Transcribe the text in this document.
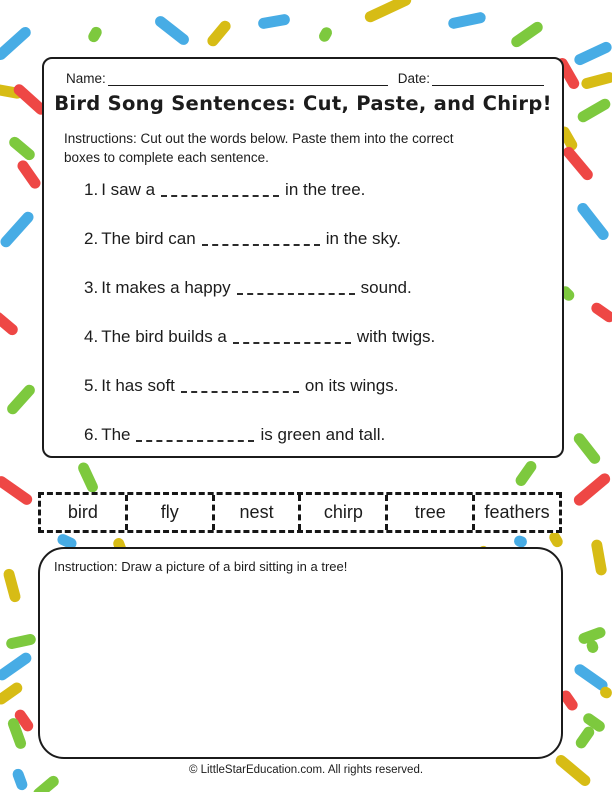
Name:	Date:
Bird Song Sentences: Cut, Paste, and Chirp!
Instructions: Cut out the words below. Paste them into the correct
boxes to complete each sentence.
1. I saw a	in the tree.
2. The bird can	in the sky.
3. It makes a happy	sound.
4. The bird builds a	with twigs.
5. It has soft	on its wings.
6. The	is green and tall.
bird	fly	nest	chirp	tree	feathers
Instruction: Draw a picture of a bird sitting in a tree!
© LittleStarEducation.com. All rights reserved.
